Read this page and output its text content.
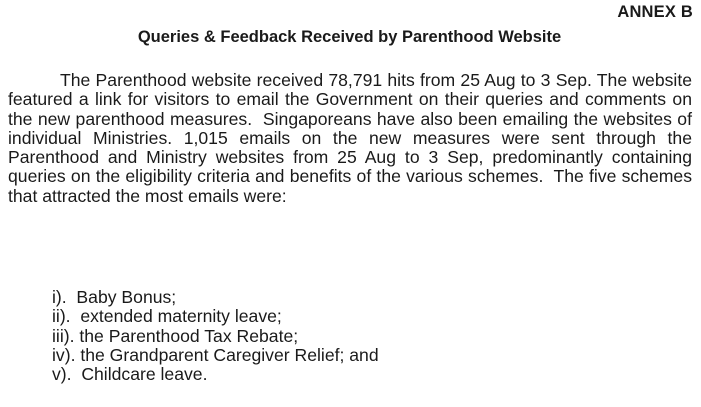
ANNEX B
Queries & Feedback Received by Parenthood Website

The Parenthood website received 78,791 hits from 25 Aug to 3 Sep. The website featured a link for visitors to email the Government on their queries and comments on the new parenthood measures.  Singaporeans have also been emailing the websites of individual Ministries. 1,015 emails on the new measures were sent through the Parenthood and Ministry websites from 25 Aug to 3 Sep, predominantly containing queries on the eligibility criteria and benefits of the various schemes.  The five schemes that attracted the most emails were:

i).  Baby Bonus;
ii).  extended maternity leave;
iii). the Parenthood Tax Rebate;
iv). the Grandparent Caregiver Relief; and
v).  Childcare leave.
